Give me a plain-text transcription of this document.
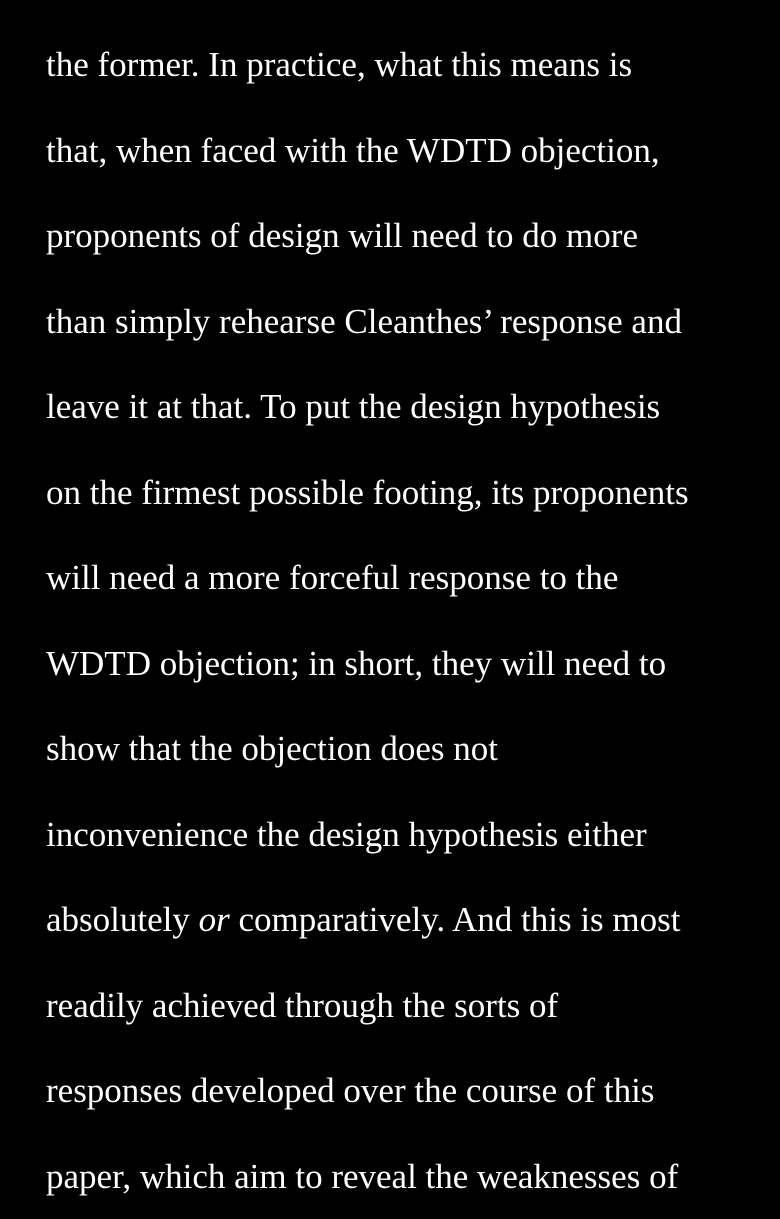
the former. In practice, what this means is
that, when faced with the WDTD objection,
proponents of design will need to do more
than simply rehearse Cleanthes’ response and
leave it at that. To put the design hypothesis
on the firmest possible footing, its proponents
will need a more forceful response to the
WDTD objection; in short, they will need to
show that the objection does not
inconvenience the design hypothesis either
absolutely or comparatively. And this is most
readily achieved through the sorts of
responses developed over the course of this
paper, which aim to reveal the weaknesses of
